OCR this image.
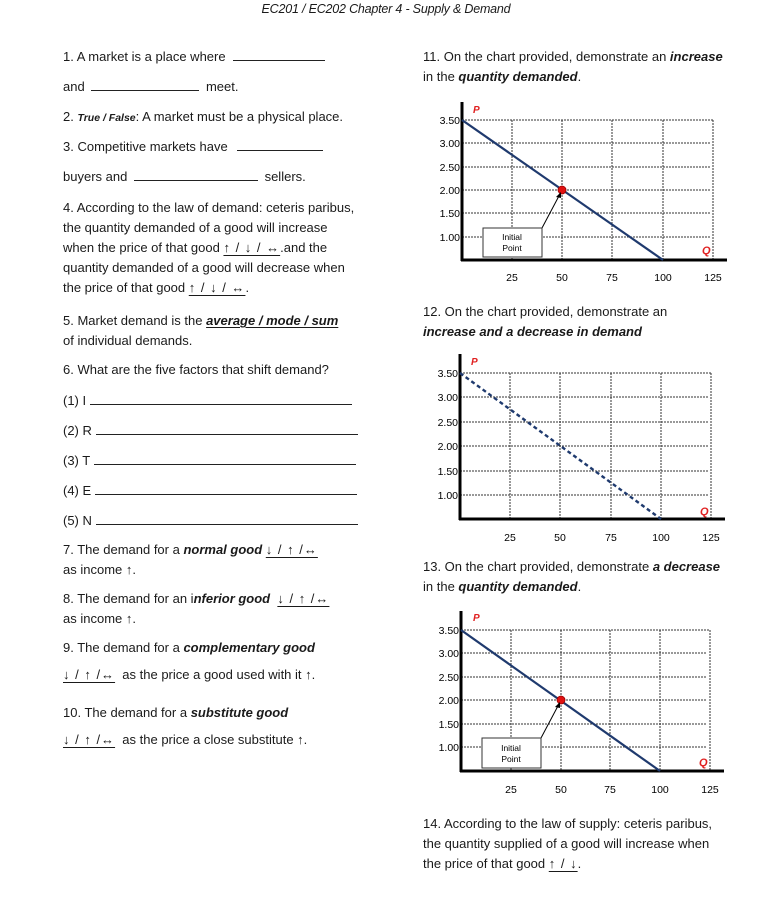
EC201 / EC202 Chapter 4 - Supply & Demand
1. A market is a place where
and	meet.
2. True / False: A market must be a physical place.
3. Competitive markets have
buyers and	sellers.
4. According to the law of demand: ceteris paribus,
the quantity demanded of a good will increase
when the price of that good ↑ / ↓ / ↔.and the
quantity demanded of a good will decrease when
the price of that good ↑ / ↓ / ↔.
5. Market demand is the average / mode / sum
of individual demands.
6. What are the five factors that shift demand?
(1) I
(2) R
(3) T
(4) E
(5) N
7. The demand for a normal good ↓ / ↑ /↔
as income ↑.
8. The demand for an inferior good ↓ / ↑ /↔
as income ↑.
9. The demand for a complementary good
↓ / ↑ /↔ as the price a good used with it ↑.
10. The demand for a substitute good
↓ / ↑ /↔ as the price a close substitute ↑.
11. On the chart provided, demonstrate an increase
in the quantity demanded.
Initial
Point
P
Q
3.50
3.00
2.50
2.00
1.50
1.00
25	50	75	100	125
12. On the chart provided, demonstrate an
increase and a decrease in demand
P
Q
3.50
3.00
2.50
2.00
1.50
1.00
25	50	75	100	125
13. On the chart provided, demonstrate a decrease
in the quantity demanded.
Initial
Point
P
Q
3.50
3.00
2.50
2.00
1.50
1.00
25	50	75	100	125
14. According to the law of supply: ceteris paribus,
the quantity supplied of a good will increase when
the price of that good ↑ / ↓.
